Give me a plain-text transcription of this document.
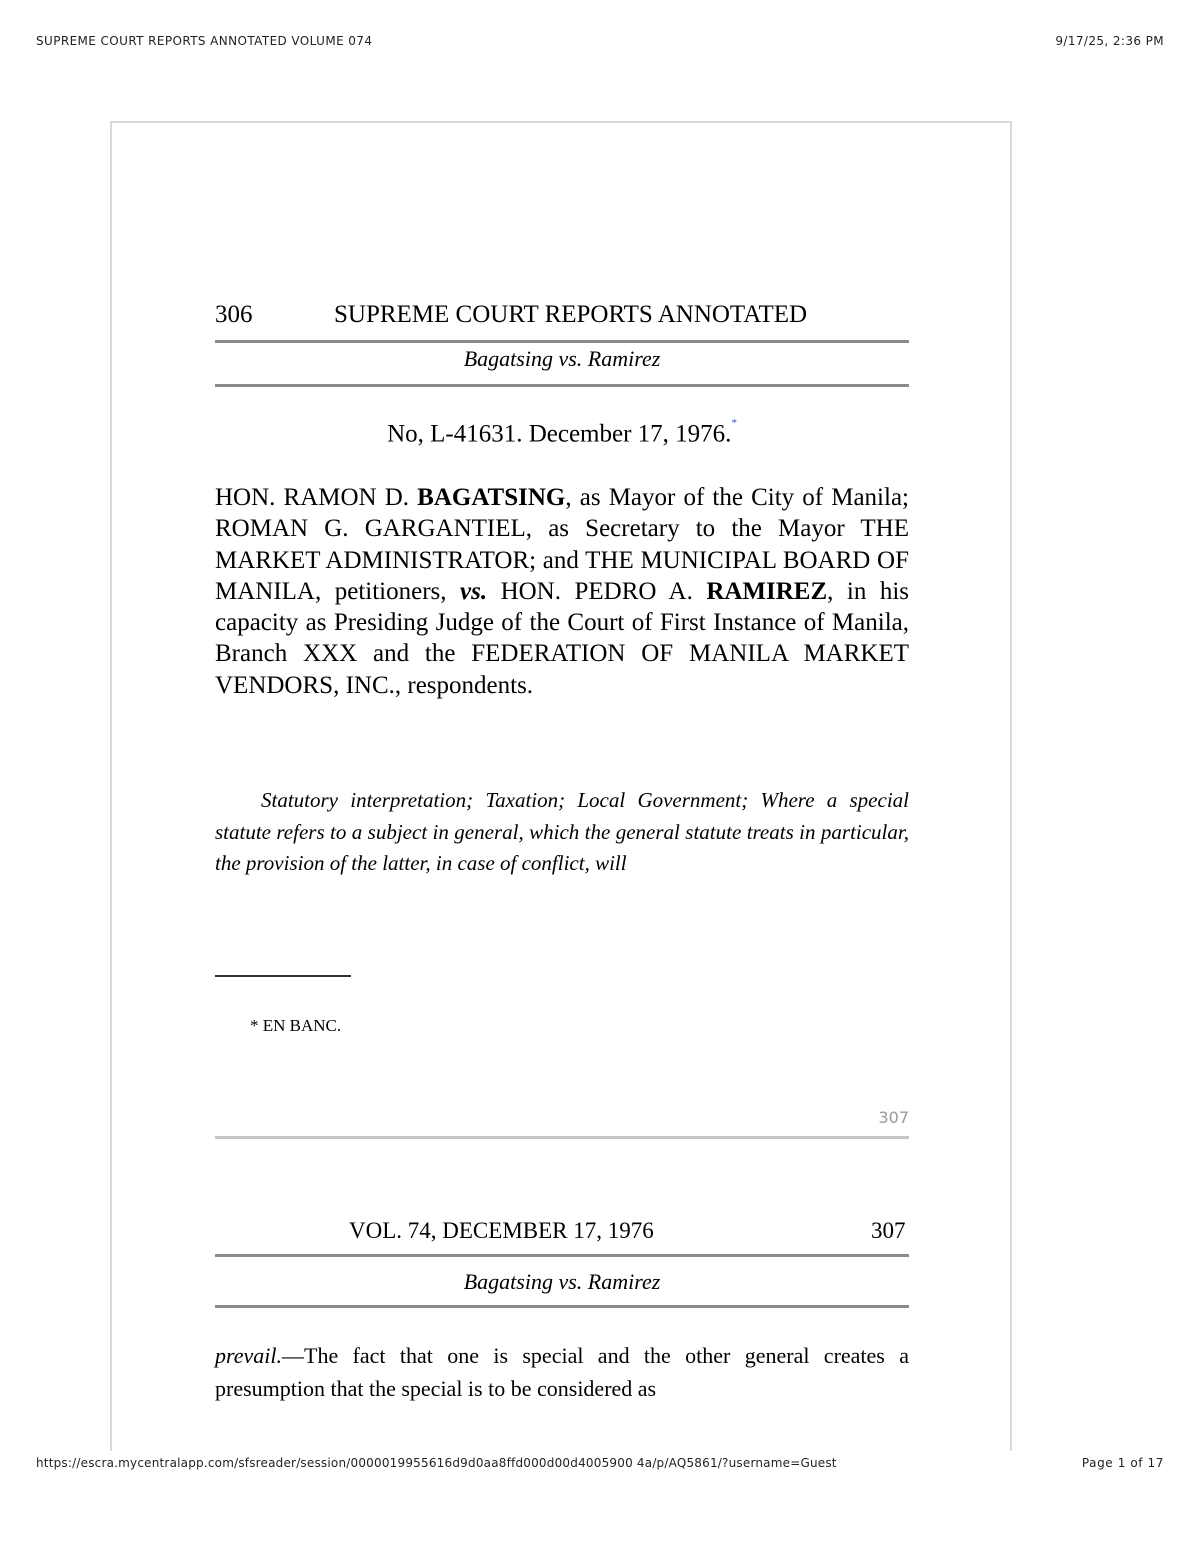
SUPREME COURT REPORTS ANNOTATED VOLUME 074	9/17/25, 2:36 PM
306	SUPREME COURT REPORTS ANNOTATED
Bagatsing vs. Ramirez
No, L-41631. December 17, 1976.*
HON. RAMON D. BAGATSING, as Mayor of the City of Manila; ROMAN G. GARGANTIEL, as Secretary to the Mayor THE MARKET ADMINISTRATOR; and THE MUNICIPAL BOARD OF MANILA, petitioners, vs. HON. PEDRO A. RAMIREZ, in his capacity as Presiding Judge of the Court of First Instance of Manila, Branch XXX and the FEDERATION OF MANILA MARKET VENDORS, INC., respondents.
Statutory interpretation; Taxation; Local Government; Where a special statute refers to a subject in general, which the general statute treats in particular, the provision of the latter, in case of conflict, will
* EN BANC.
307
VOL. 74, DECEMBER 17, 1976	307
Bagatsing vs. Ramirez
prevail.—The fact that one is special and the other general creates a presumption that the special is to be considered as
https://escra.mycentralapp.com/sfsreader/session/0000019955616d9d0aa8ffd000d00d4005900 4a/p/AQ5861/?username=Guest	Page 1 of 17
